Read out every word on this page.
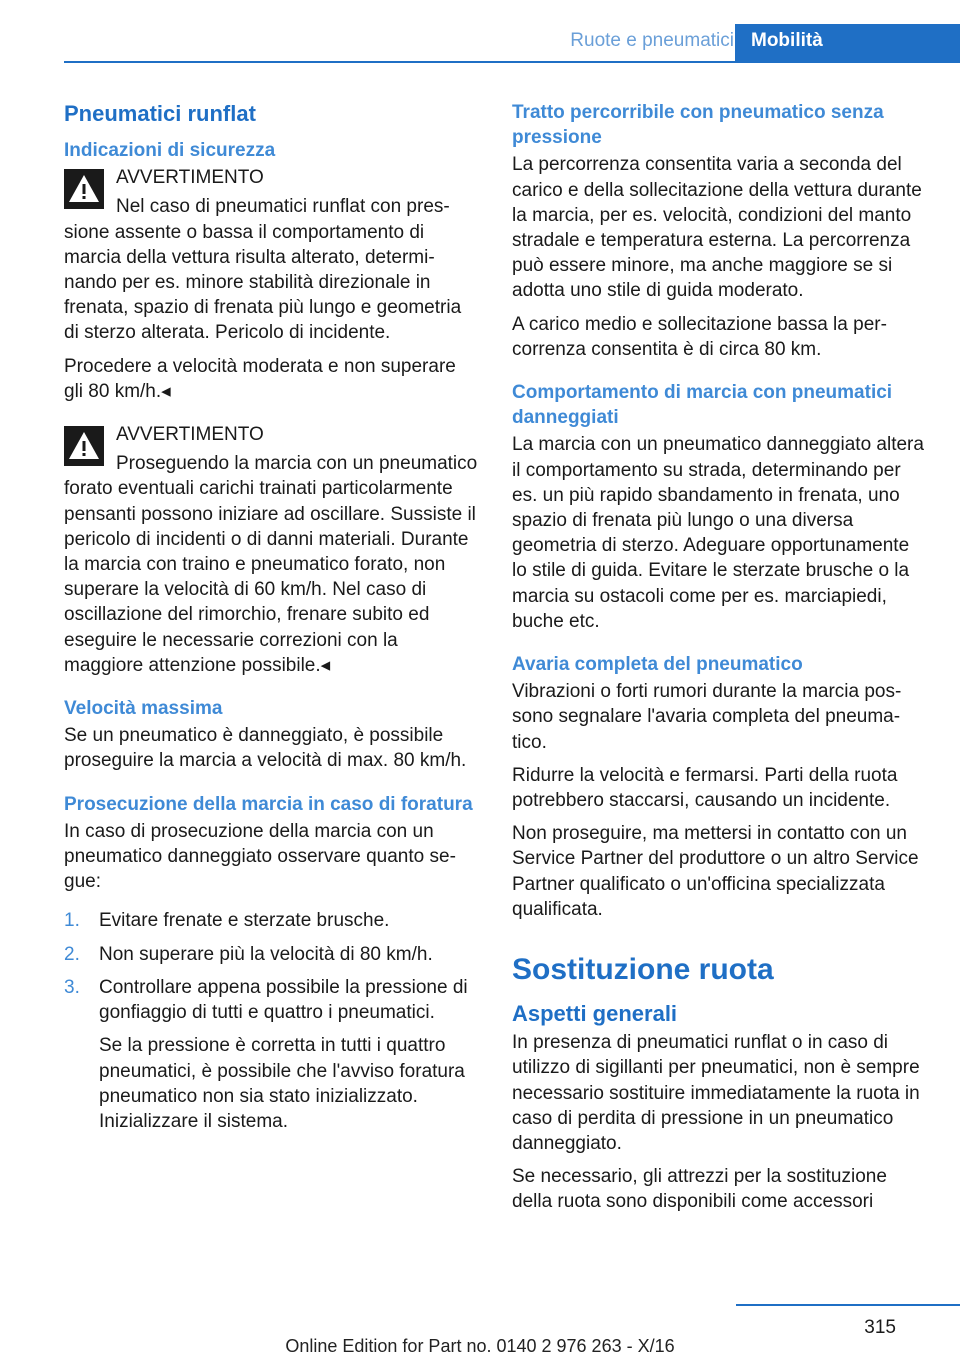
Ruote e pneumatici Mobilità
Pneumatici runflat
Indicazioni di sicurezza
AVVERTIMENTO

Nel caso di pneumatici runflat con pressione assente o bassa il comportamento di marcia della vettura risulta alterato, determinando per es. minore stabilità direzionale in frenata, spazio di frenata più lungo e geometria di sterzo alterata. Pericolo di incidente.

Procedere a velocità moderata e non superare gli 80 km/h.◂

AVVERTIMENTO

Proseguendo la marcia con un pneumatico forato eventuali carichi trainati particolarmente pensanti possono iniziare ad oscillare. Sussiste il pericolo di incidenti o di danni materiali. Durante la marcia con traino e pneumatico forato, non superare la velocità di 60 km/h. Nel caso di oscillazione del rimorchio, frenare subito ed eseguire le necessarie correzioni con la maggiore attenzione possibile.◂

Velocità massima

Se un pneumatico è danneggiato, è possibile proseguire la marcia a velocità di max. 80 km/h.

Prosecuzione della marcia in caso di foratura

In caso di prosecuzione della marcia con un pneumatico danneggiato osservare quanto segue:

1. Evitare frenate e sterzate brusche.
2. Non superare più la velocità di 80 km/h.
3. Controllare appena possibile la pressione di gonfiaggio di tutti e quattro i pneumatici.

Se la pressione è corretta in tutti i quattro pneumatici, è possibile che l'avviso foratura pneumatico non sia stato inizializzato. Inizializzare il sistema.

Tratto percorribile con pneumatico senza pressione

La percorrenza consentita varia a seconda del carico e della sollecitazione della vettura durante la marcia, per es. velocità, condizioni del manto stradale e temperatura esterna. La percorrenza può essere minore, ma anche maggiore se si adotta uno stile di guida moderato.

A carico medio e sollecitazione bassa la percorrenza consentita è di circa 80 km.

Comportamento di marcia con pneumatici danneggiati

La marcia con un pneumatico danneggiato altera il comportamento su strada, determinando per es. un più rapido sbandamento in frenata, uno spazio di frenata più lungo o una diversa geometria di sterzo. Adeguare opportunamente lo stile di guida. Evitare le sterzate brusche o la marcia su ostacoli come per es. marciapiedi, buche etc.

Avaria completa del pneumatico

Vibrazioni o forti rumori durante la marcia possono segnalare l'avaria completa del pneumatico.

Ridurre la velocità e fermarsi. Parti della ruota potrebbero staccarsi, causando un incidente.

Non proseguire, ma mettersi in contatto con un Service Partner del produttore o un altro Service Partner qualificato o un'officina specializzata qualificata.

Sostituzione ruota
Aspetti generali

In presenza di pneumatici runflat o in caso di utilizzo di sigillanti per pneumatici, non è sempre necessario sostituire immediatamente la ruota in caso di perdita di pressione in un pneumatico danneggiato.

Se necessario, gli attrezzi per la sostituzione della ruota sono disponibili come accessori

315
Online Edition for Part no. 0140 2 976 263 - X/16
